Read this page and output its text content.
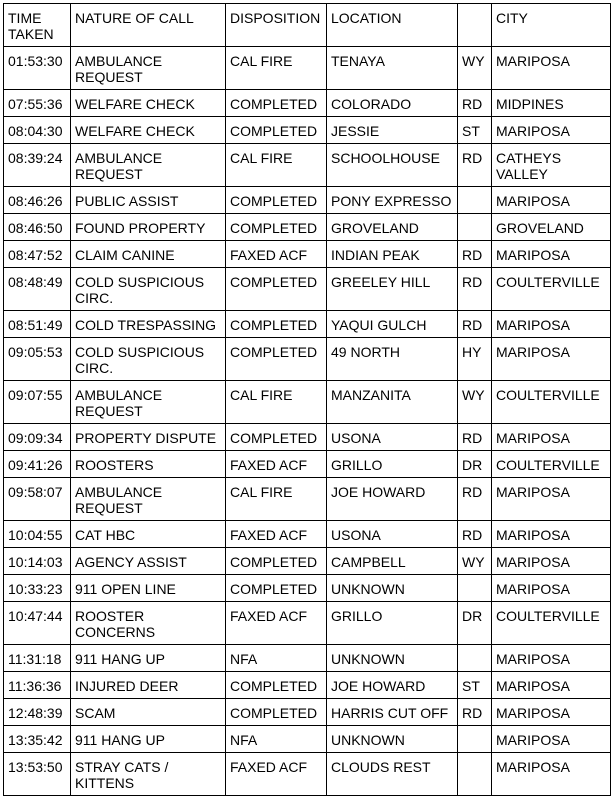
TIME TAKEN	NATURE OF CALL	DISPOSITION	LOCATION		CITY
01:53:30	AMBULANCE REQUEST	CAL FIRE	TENAYA	WY	MARIPOSA
07:55:36	WELFARE CHECK	COMPLETED	COLORADO	RD	MIDPINES
08:04:30	WELFARE CHECK	COMPLETED	JESSIE	ST	MARIPOSA
08:39:24	AMBULANCE REQUEST	CAL FIRE	SCHOOLHOUSE	RD	CATHEYS VALLEY
08:46:26	PUBLIC ASSIST	COMPLETED	PONY EXPRESSO		MARIPOSA
08:46:50	FOUND PROPERTY	COMPLETED	GROVELAND		GROVELAND
08:47:52	CLAIM CANINE	FAXED ACF	INDIAN PEAK	RD	MARIPOSA
08:48:49	COLD SUSPICIOUS CIRC.	COMPLETED	GREELEY HILL	RD	COULTERVILLE
08:51:49	COLD TRESPASSING	COMPLETED	YAQUI GULCH	RD	MARIPOSA
09:05:53	COLD SUSPICIOUS CIRC.	COMPLETED	49 NORTH	HY	MARIPOSA
09:07:55	AMBULANCE REQUEST	CAL FIRE	MANZANITA	WY	COULTERVILLE
09:09:34	PROPERTY DISPUTE	COMPLETED	USONA	RD	MARIPOSA
09:41:26	ROOSTERS	FAXED ACF	GRILLO	DR	COULTERVILLE
09:58:07	AMBULANCE REQUEST	CAL FIRE	JOE HOWARD	RD	MARIPOSA
10:04:55	CAT HBC	FAXED ACF	USONA	RD	MARIPOSA
10:14:03	AGENCY ASSIST	COMPLETED	CAMPBELL	WY	MARIPOSA
10:33:23	911 OPEN LINE	COMPLETED	UNKNOWN		MARIPOSA
10:47:44	ROOSTER CONCERNS	FAXED ACF	GRILLO	DR	COULTERVILLE
11:31:18	911 HANG UP	NFA	UNKNOWN		MARIPOSA
11:36:36	INJURED DEER	COMPLETED	JOE HOWARD	ST	MARIPOSA
12:48:39	SCAM	COMPLETED	HARRIS CUT OFF	RD	MARIPOSA
13:35:42	911 HANG UP	NFA	UNKNOWN		MARIPOSA
13:53:50	STRAY CATS / KITTENS	FAXED ACF	CLOUDS REST		MARIPOSA
